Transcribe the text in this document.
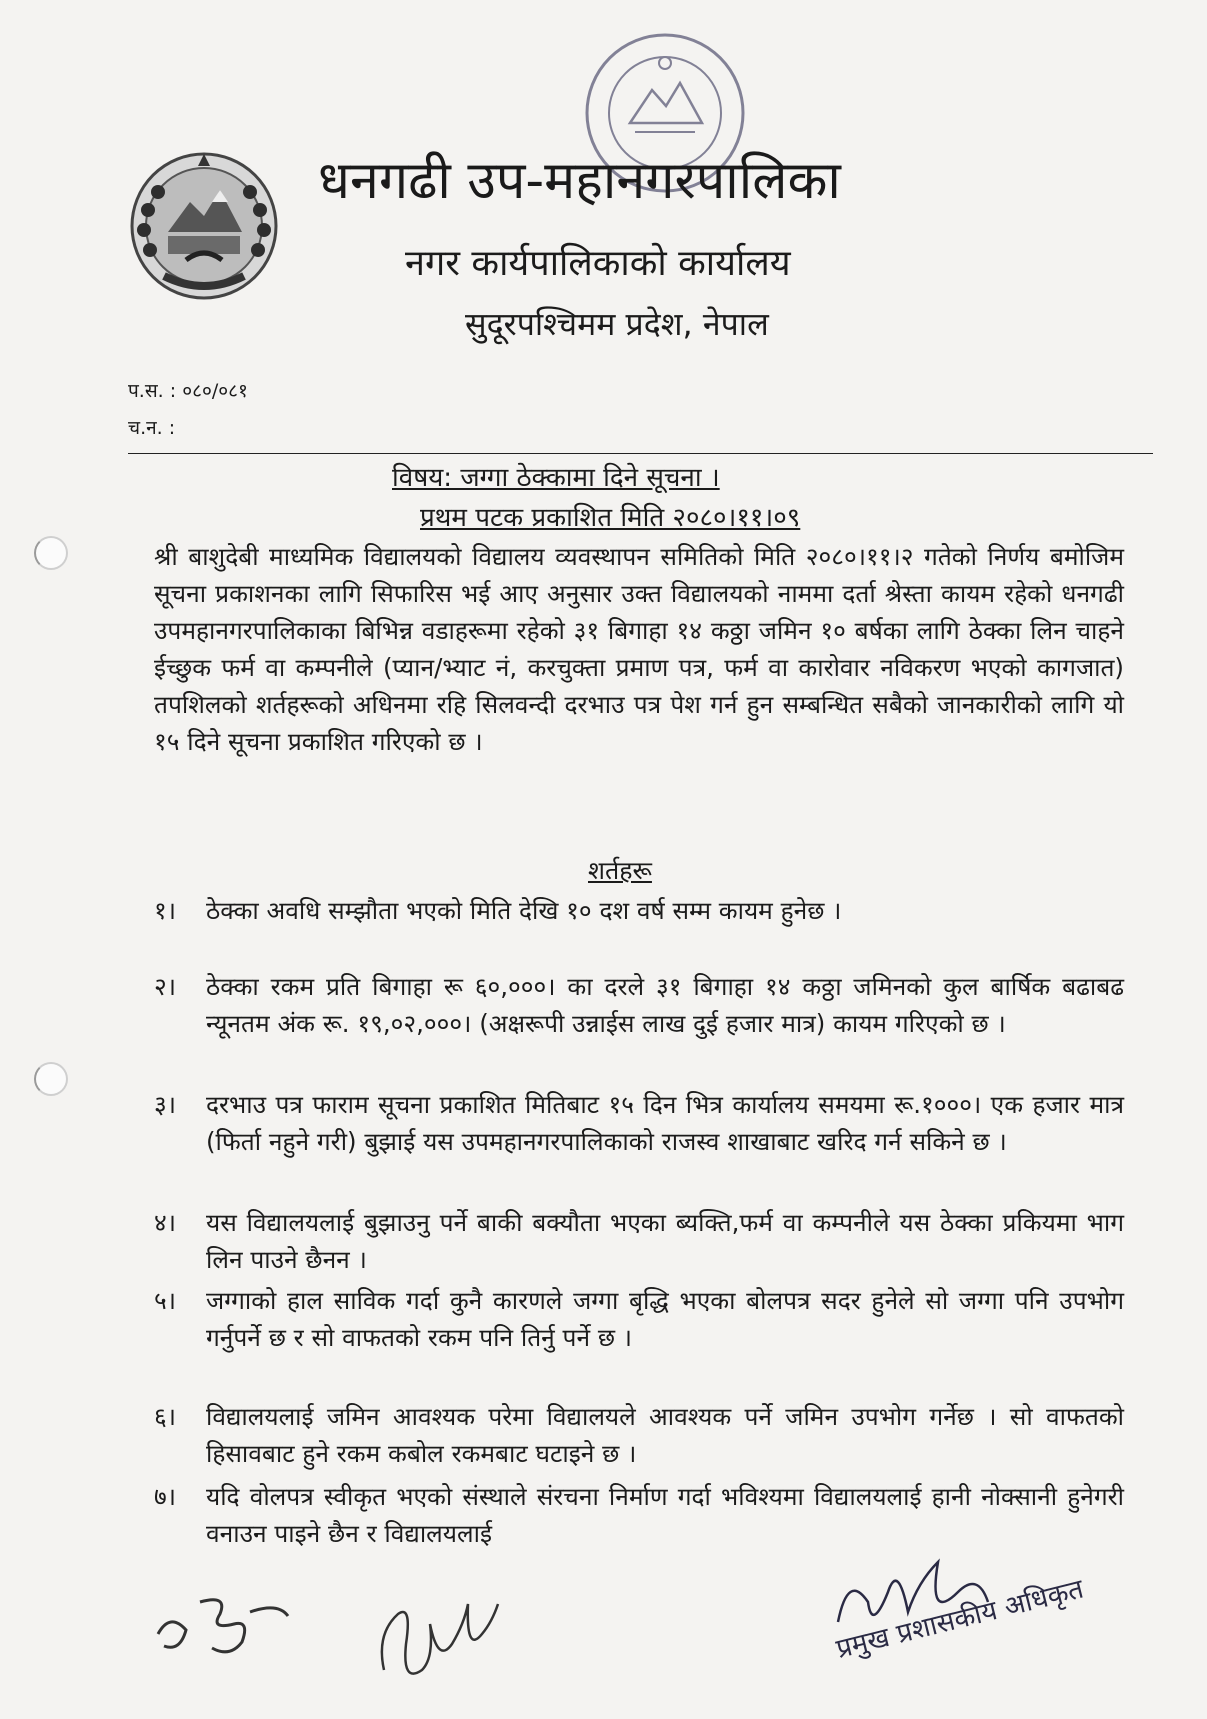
धनगढी उप-महानगरपालिका
नगर कार्यपालिकाको कार्यालय
सुदूरपश्चिमम प्रदेश, नेपाल
प.स. : ०८०/०८१
च.न. :
विषय: जग्गा ठेक्कामा दिने सूचना ।
प्रथम पटक प्रकाशित मिति २०८०।११।०९
श्री बाशुदेबी माध्यमिक विद्यालयको विद्यालय व्यवस्थापन समितिको मिति २०८०।११।२ गतेको निर्णय बमोजिम सूचना प्रकाशनका लागि सिफारिस भई आए अनुसार उक्त विद्यालयको नाममा दर्ता श्रेस्ता कायम रहेको धनगढी उपमहानगरपालिकाका बिभिन्न वडाहरूमा रहेको ३१ बिगाहा १४ कठ्ठा जमिन १० बर्षका लागि ठेक्का लिन चाहने ईच्छुक फर्म वा कम्पनीले (प्यान/भ्याट नं, करचुक्ता प्रमाण पत्र, फर्म वा कारोवार नविकरण भएको कागजात) तपशिलको शर्तहरूको अधिनमा रहि सिलवन्दी दरभाउ पत्र पेश गर्न हुन सम्बन्धित सबैको जानकारीको लागि यो १५ दिने सूचना प्रकाशित गरिएको छ ।
शर्तहरू
१। ठेक्का अवधि सम्झौता भएको मिति देखि १० दश वर्ष सम्म कायम हुनेछ ।
२। ठेक्का रकम प्रति बिगाहा रू ६०,०००। का दरले ३१ बिगाहा १४ कठ्ठा जमिनको कुल बार्षिक बढाबढ न्यूनतम अंक रू. १९,०२,०००। (अक्षरूपी उन्नाईस लाख दुई हजार मात्र) कायम गरिएको छ ।
३। दरभाउ पत्र फाराम सूचना प्रकाशित मितिबाट १५ दिन भित्र कार्यालय समयमा रू.१०००। एक हजार मात्र (फिर्ता नहुने गरी) बुझाई यस उपमहानगरपालिकाको राजस्व शाखाबाट खरिद गर्न सकिने छ ।
४। यस विद्यालयलाई बुझाउनु पर्ने बाकी बक्यौता भएका ब्यक्ति,फर्म वा कम्पनीले यस ठेक्का प्रकियमा भाग लिन पाउने छैनन ।
५। जग्गाको हाल साविक गर्दा कुनै कारणले जग्गा बृद्धि भएका बोलपत्र सदर हुनेले सो जग्गा पनि उपभोग गर्नुपर्ने छ र सो वाफतको रकम पनि तिर्नु पर्ने छ ।
६। विद्यालयलाई जमिन आवश्यक परेमा विद्यालयले आवश्यक पर्ने जमिन उपभोग गर्नेछ । सो वाफतको हिसावबाट हुने रकम कबोल रकमबाट घटाइने छ ।
७। यदि वोलपत्र स्वीकृत भएको संस्थाले संरचना निर्माण गर्दा भविश्यमा विद्यालयलाई हानी नोक्सानी हुनेगरी वनाउन पाइने छैन र विद्यालयलाई
प्रमुख प्रशासकीय अधिकृत
